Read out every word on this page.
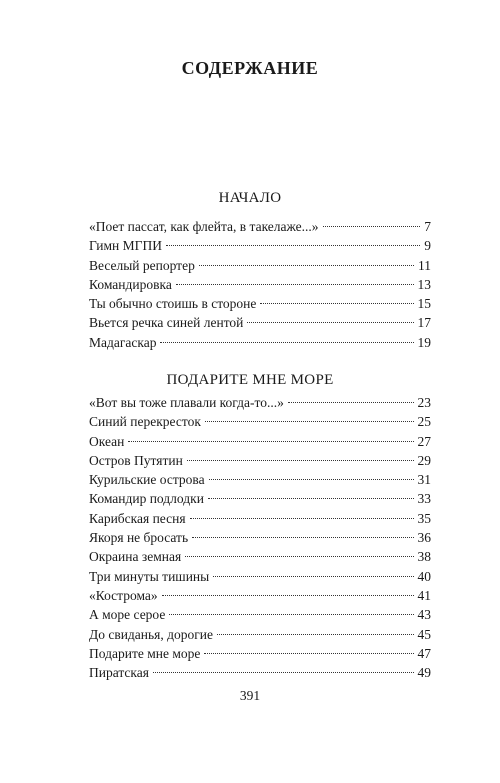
СОДЕРЖАНИЕ
НАЧАЛО
«Поет пассат, как флейта, в такелаже...»	7
Гимн МГПИ	9
Веселый репортер	11
Командировка	13
Ты обычно стоишь в стороне	15
Вьется речка синей лентой	17
Мадагаскар	19
ПОДАРИТЕ МНЕ МОРЕ
«Вот вы тоже плавали когда-то...»	23
Синий перекресток	25
Океан	27
Остров Путятин	29
Курильские острова	31
Командир подлодки	33
Карибская песня	35
Якоря не бросать	36
Окраина земная	38
Три минуты тишины	40
«Кострома»	41
А море серое	43
До свиданья, дорогие	45
Подарите мне море	47
Пиратская	49
391
